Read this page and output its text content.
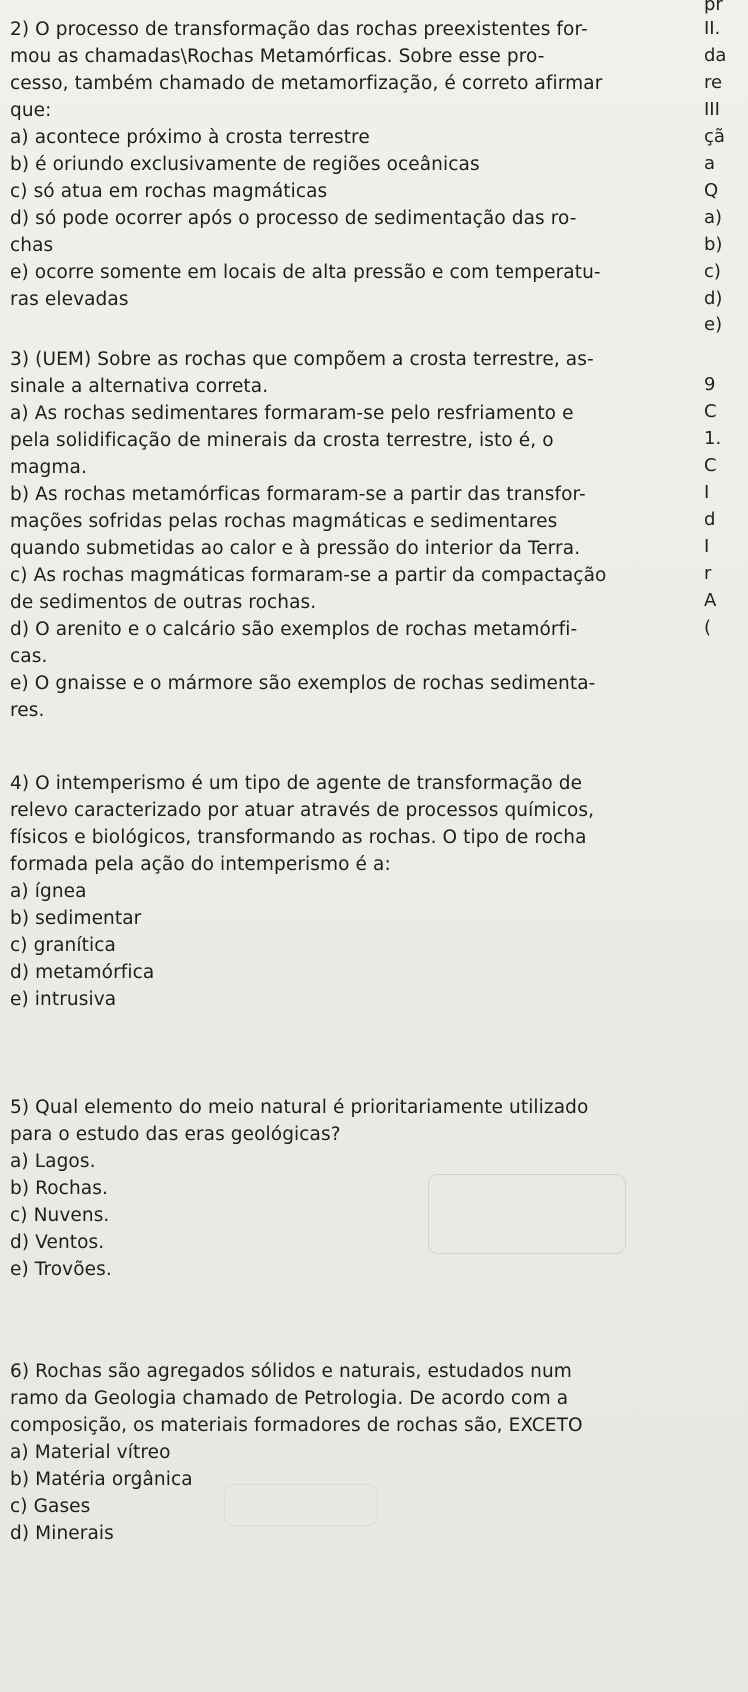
2) O processo de transformação das rochas preexistentes for-

mou as chamadas\Rochas Metamórficas. Sobre esse pro-

cesso, também chamado de metamorfização, é correto afirmar

que:

a) acontece próximo à crosta terrestre

b) é oriundo exclusivamente de regiões oceânicas

c) só atua em rochas magmáticas

d) só pode ocorrer após o processo de sedimentação das ro-

chas

e) ocorre somente em locais de alta pressão e com temperatu-

ras elevadas

3) (UEM) Sobre as rochas que compõem a crosta terrestre, as-

sinale a alternativa correta.

a) As rochas sedimentares formaram-se pelo resfriamento e

pela solidificação de minerais da crosta terrestre, isto é, o

magma.

b) As rochas metamórficas formaram-se a partir das transfor-

mações sofridas pelas rochas magmáticas e sedimentares

quando submetidas ao calor e à pressão do interior da Terra.

c) As rochas magmáticas formaram-se a partir da compactação

de sedimentos de outras rochas.

d) O arenito e o calcário são exemplos de rochas metamórfi-

cas.

e) O gnaisse e o mármore são exemplos de rochas sedimenta-

res.

4) O intemperismo é um tipo de agente de transformação de

relevo caracterizado por atuar através de processos químicos,

físicos e biológicos, transformando as rochas. O tipo de rocha

formada pela ação do intemperismo é a:

a) ígnea

b) sedimentar

c) granítica

d) metamórfica

e) intrusiva

5) Qual elemento do meio natural é prioritariamente utilizado

para o estudo das eras geológicas?

a) Lagos.

b) Rochas.

c) Nuvens.

d) Ventos.

e) Trovões.

6) Rochas são agregados sólidos e naturais, estudados num

ramo da Geologia chamado de Petrologia. De acordo com a

composição, os materiais formadores de rochas são, EXCETO

a) Material vítreo

b) Matéria orgânica

c) Gases

d) Minerais

pr
II.
da
re
III
çã
a
Q
a)
b)
c)
d)
e)
9
C
1.
C
I
d
I
r
A
(
